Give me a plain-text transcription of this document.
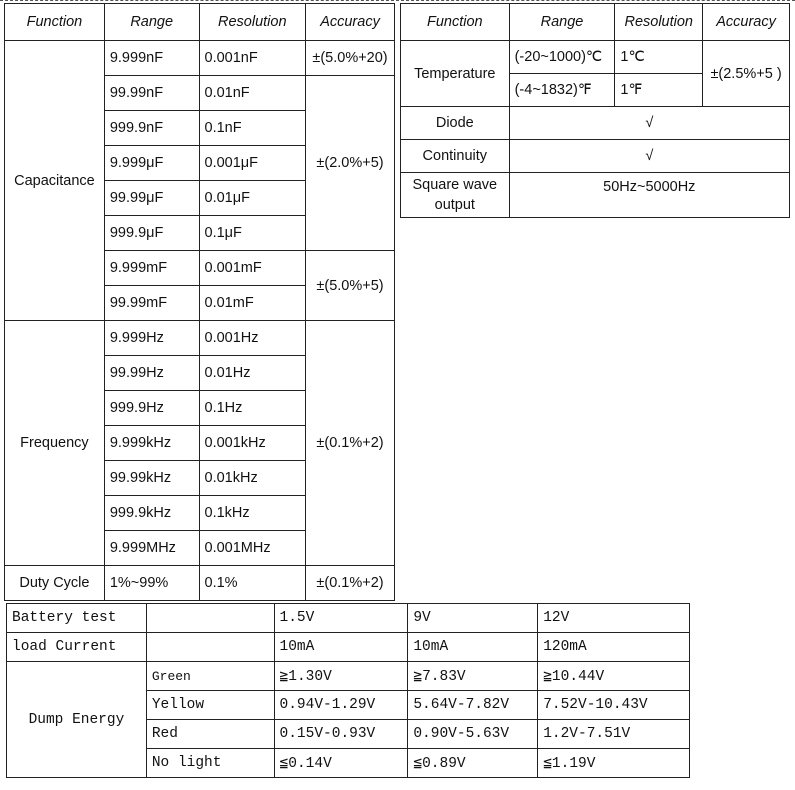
Function	Range	Resolution	Accuracy
Capacitance	9.999nF	0.001nF	±(5.0%+20)
	99.99nF	0.01nF	±(2.0%+5)
	999.9nF	0.1nF	
	9.999μF	0.001μF	
	99.99μF	0.01μF	
	999.9μF	0.1μF	
	9.999mF	0.001mF	±(5.0%+5)
	99.99mF	0.01mF	
Frequency	9.999Hz	0.001Hz	±(0.1%+2)
	99.99Hz	0.01Hz	
	999.9Hz	0.1Hz	
	9.999kHz	0.001kHz	
	99.99kHz	0.01kHz	
	999.9kHz	0.1kHz	
	9.999MHz	0.001MHz	
Duty Cycle	1%~99%	0.1%	±(0.1%+2)
Function	Range	Resolution	Accuracy
Temperature	(-20~1000)℃	1℃	±(2.5%+5 )
	(-4~1832)℉	1℉	
Diode	√		
Continuity	√		

Square wave
output	50Hz~5000Hz		
Battery test		1.5V	9V	12V
load Current		10mA	10mA	120mA
Dump Energy	Green	≧1.30V	≧7.83V	≧10.44V
	Yellow	0.94V-1.29V	5.64V-7.82V	7.52V-10.43V
	Red	0.15V-0.93V	0.90V-5.63V	1.2V-7.51V
	No light	≦0.14V	≦0.89V	≦1.19V
